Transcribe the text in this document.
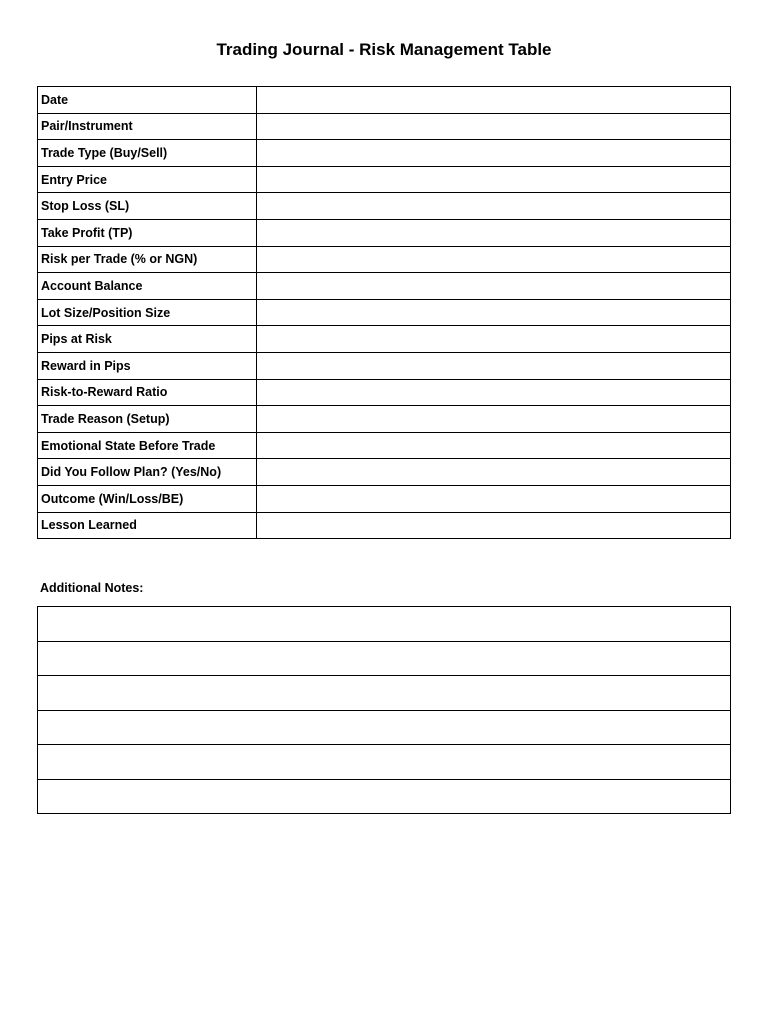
Trading Journal - Risk Management Table
Date	
Pair/Instrument	
Trade Type (Buy/Sell)	
Entry Price	
Stop Loss (SL)	
Take Profit (TP)	
Risk per Trade (% or NGN)	
Account Balance	
Lot Size/Position Size	
Pips at Risk	
Reward in Pips	
Risk-to-Reward Ratio	
Trade Reason (Setup)	
Emotional State Before Trade	
Did You Follow Plan? (Yes/No)	
Outcome (Win/Loss/BE)	
Lesson Learned	
Additional Notes:
